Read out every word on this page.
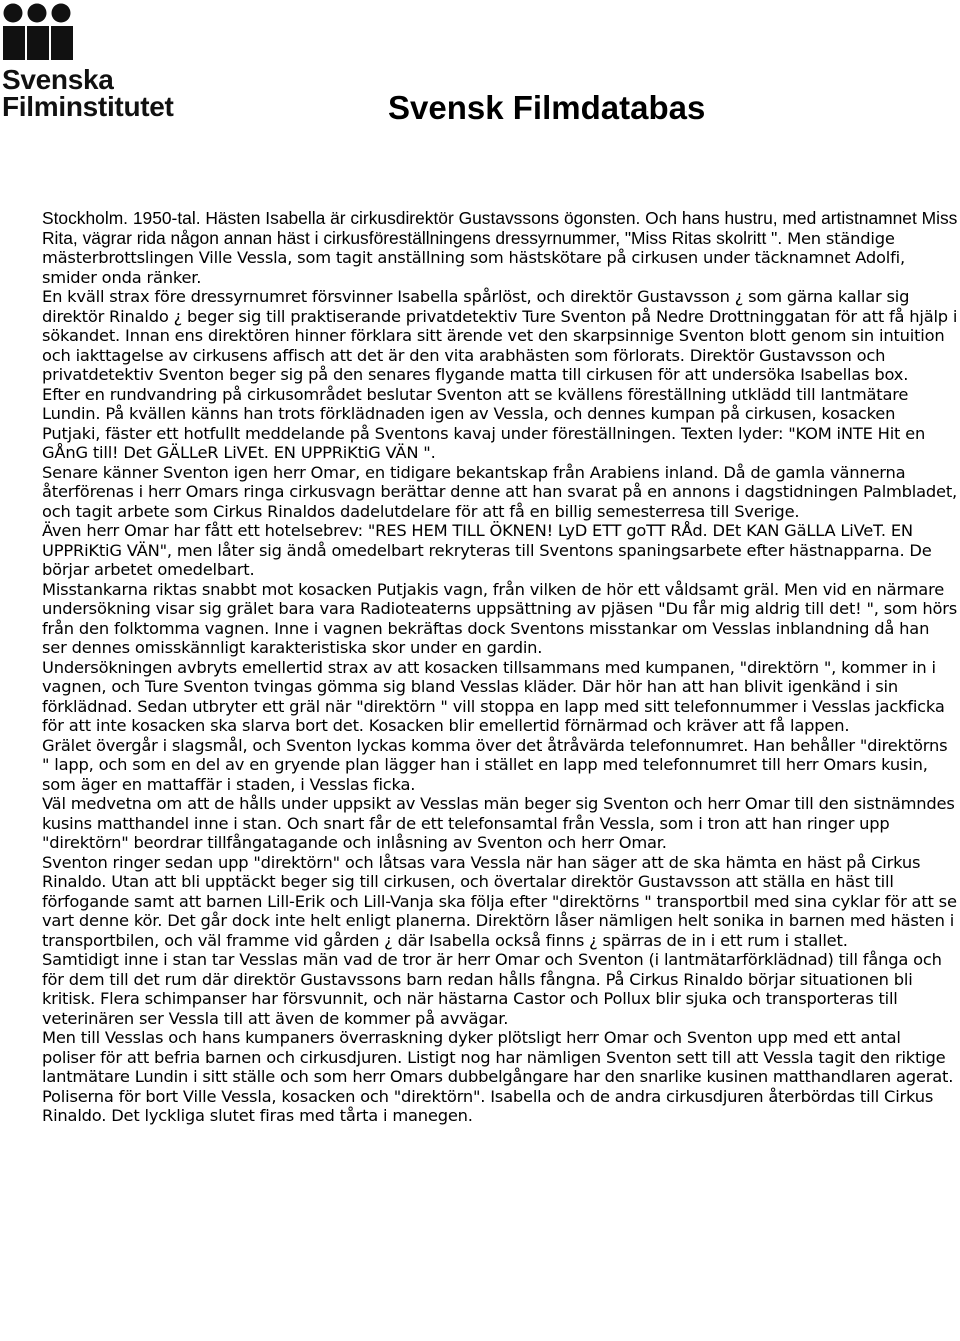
Svenska
Filminstitutet	Svensk Filmdatabas

Stockholm. 1950-tal. Hästen Isabella är cirkusdirektör Gustavssons ögonsten. Och hans hustru, med artistnamnet Miss Rita, vägrar rida någon annan häst i cirkusföreställningens dressyrnummer, "Miss Ritas skolritt ". Men ständige mästerbrottslingen Ville Vessla, som tagit anställning som hästskötare på cirkusen under täcknamnet Adolfi, smider onda ränker.

En kväll strax före dressyrnumret försvinner Isabella spårlöst, och direktör Gustavsson ¿ som gärna kallar sig direktör Rinaldo ¿ beger sig till praktiserande privatdetektiv Ture Sventon på Nedre Drottninggatan för att få hjälp i sökandet. Innan ens direktören hinner förklara sitt ärende vet den skarpsinnige Sventon blott genom sin intuition och iakttagelse av cirkusens affisch att det är den vita arabhästen som förlorats. Direktör Gustavsson och privatdetektiv Sventon beger sig på den senares flygande matta till cirkusen för att undersöka Isabellas box.

Efter en rundvandring på cirkusområdet beslutar Sventon att se kvällens föreställning utklädd till lantmätare Lundin. På kvällen känns han trots förklädnaden igen av Vessla, och dennes kumpan på cirkusen, kosacken Putjaki, fäster ett hotfullt meddelande på Sventons kavaj under föreställningen. Texten lyder: "KOM iNTE Hit en GÅnG till! Det GÄLLeR LiVEt. EN UPPRiKtiG VÄN ".

Senare känner Sventon igen herr Omar, en tidigare bekantskap från Arabiens inland. Då de gamla vännerna återförenas i herr Omars ringa cirkusvagn berättar denne att han svarat på en annons i dagstidningen Palmbladet, och tagit arbete som Cirkus Rinaldos dadelutdelare för att få en billig semesterresa till Sverige.

Även herr Omar har fått ett hotelsebrev: "RES HEM TILL ÖKNEN! LyD ETT goTT RÅd. DEt KAN GäLLA LiVeT. EN UPPRiKtiG VÄN", men låter sig ändå omedelbart rekryteras till Sventons spaningsarbete efter hästnapparna. De börjar arbetet omedelbart.

Misstankarna riktas snabbt mot kosacken Putjakis vagn, från vilken de hör ett våldsamt gräl. Men vid en närmare undersökning visar sig grälet bara vara Radioteaterns uppsättning av pjäsen "Du får mig aldrig till det! ", som hörs från den folktomma vagnen. Inne i vagnen bekräftas dock Sventons misstankar om Vesslas inblandning då han ser dennes omisskännligt karakteristiska skor under en gardin.

Undersökningen avbryts emellertid strax av att kosacken tillsammans med kumpanen, "direktörn ", kommer in i vagnen, och Ture Sventon tvingas gömma sig bland Vesslas kläder. Där hör han att han blivit igenkänd i sin förklädnad. Sedan utbryter ett gräl när "direktörn " vill stoppa en lapp med sitt telefonnummer i Vesslas jackficka för att inte kosacken ska slarva bort det. Kosacken blir emellertid förnärmad och kräver att få lappen.

Grälet övergår i slagsmål, och Sventon lyckas komma över det åtråvärda telefonnumret. Han behåller "direktörns " lapp, och som en del av en gryende plan lägger han i stället en lapp med telefonnumret till herr Omars kusin, som äger en mattaffär i staden, i Vesslas ficka.

Väl medvetna om att de hålls under uppsikt av Vesslas män beger sig Sventon och herr Omar till den sistnämndes kusins matthandel inne i stan. Och snart får de ett telefonsamtal från Vessla, som i tron att han ringer upp "direktörn" beordrar tillfångatagande och inlåsning av Sventon och herr Omar.

Sventon ringer sedan upp "direktörn" och låtsas vara Vessla när han säger att de ska hämta en häst på Cirkus Rinaldo. Utan att bli upptäckt beger sig till cirkusen, och övertalar direktör Gustavsson att ställa en häst till förfogande samt att barnen Lill-Erik och Lill-Vanja ska följa efter "direktörns " transportbil med sina cyklar för att se vart denne kör. Det går dock inte helt enligt planerna. Direktörn låser nämligen helt sonika in barnen med hästen i transportbilen, och väl framme vid gården ¿ där Isabella också finns ¿ spärras de in i ett rum i stallet.

Samtidigt inne i stan tar Vesslas män vad de tror är herr Omar och Sventon (i lantmätarförklädnad) till fånga och för dem till det rum där direktör Gustavssons barn redan hålls fångna. På Cirkus Rinaldo börjar situationen bli kritisk. Flera schimpanser har försvunnit, och när hästarna Castor och Pollux blir sjuka och transporteras till veterinären ser Vessla till att även de kommer på avvägar.

Men till Vesslas och hans kumpaners överraskning dyker plötsligt herr Omar och Sventon upp med ett antal poliser för att befria barnen och cirkusdjuren. Listigt nog har nämligen Sventon sett till att Vessla tagit den riktige lantmätare Lundin i sitt ställe och som herr Omars dubbelgångare har den snarlike kusinen matthandlaren agerat.

Poliserna för bort Ville Vessla, kosacken och "direktörn". Isabella och de andra cirkusdjuren återbördas till Cirkus Rinaldo. Det lyckliga slutet firas med tårta i manegen.
